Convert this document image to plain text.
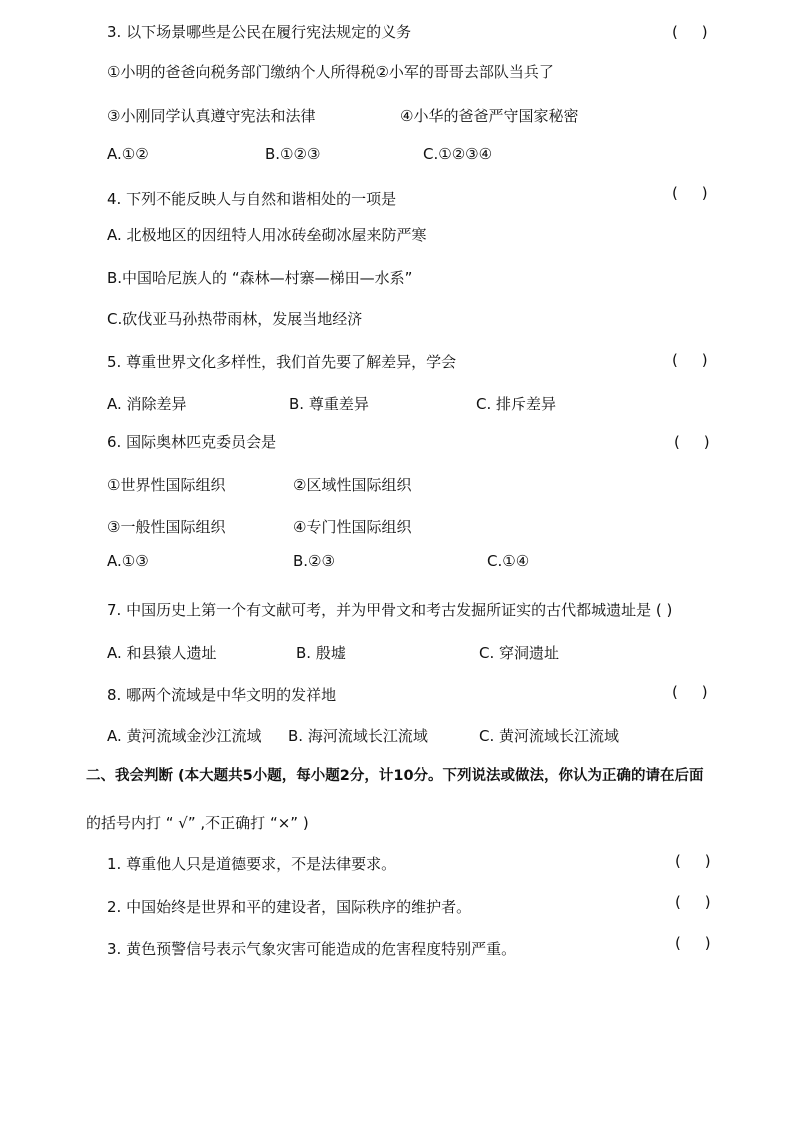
3. 以下场景哪些是公民在履行宪法规定的义务	(     )
①小明的爸爸向税务部门缴纳个人所得税②小军的哥哥去部队当兵了
③小刚同学认真遵守宪法和法律	④小华的爸爸严守国家秘密
A.①②	B.①②③	C.①②③④
4. 下列不能反映人与自然和谐相处的一项是	(     )
A. 北极地区的因纽特人用冰砖垒砌冰屋来防严寒
B.中国哈尼族人的 “森林—村寨—梯田—水系”
C.砍伐亚马孙热带雨林，发展当地经济
5. 尊重世界文化多样性，我们首先要了解差异，学会	(     )
A. 消除差异	B. 尊重差异	C. 排斥差异
6. 国际奥林匹克委员会是	(     )
①世界性国际组织	②区域性国际组织
③一般性国际组织	④专门性国际组织
A.①③	B.②③	C.①④
7. 中国历史上第一个有文献可考，并为甲骨文和考古发掘所证实的古代都城遗址是 ( )
A. 和县猿人遗址	B. 殷墟	C. 穿洞遗址
8. 哪两个流域是中华文明的发祥地	(     )
A. 黄河流域金沙江流域 B. 海河流域长江流域	C. 黄河流域长江流域
二、我会判断 (本大题共5小题，每小题2分，计10分。下列说法或做法，你认为正确的请在后面
的括号内打 “ √” ,不正确打 “×” )
1. 尊重他人只是道德要求，不是法律要求。	(     )
2. 中国始终是世界和平的建设者，国际秩序的维护者。	(     )
3. 黄色预警信号表示气象灾害可能造成的危害程度特别严重。	(     )
